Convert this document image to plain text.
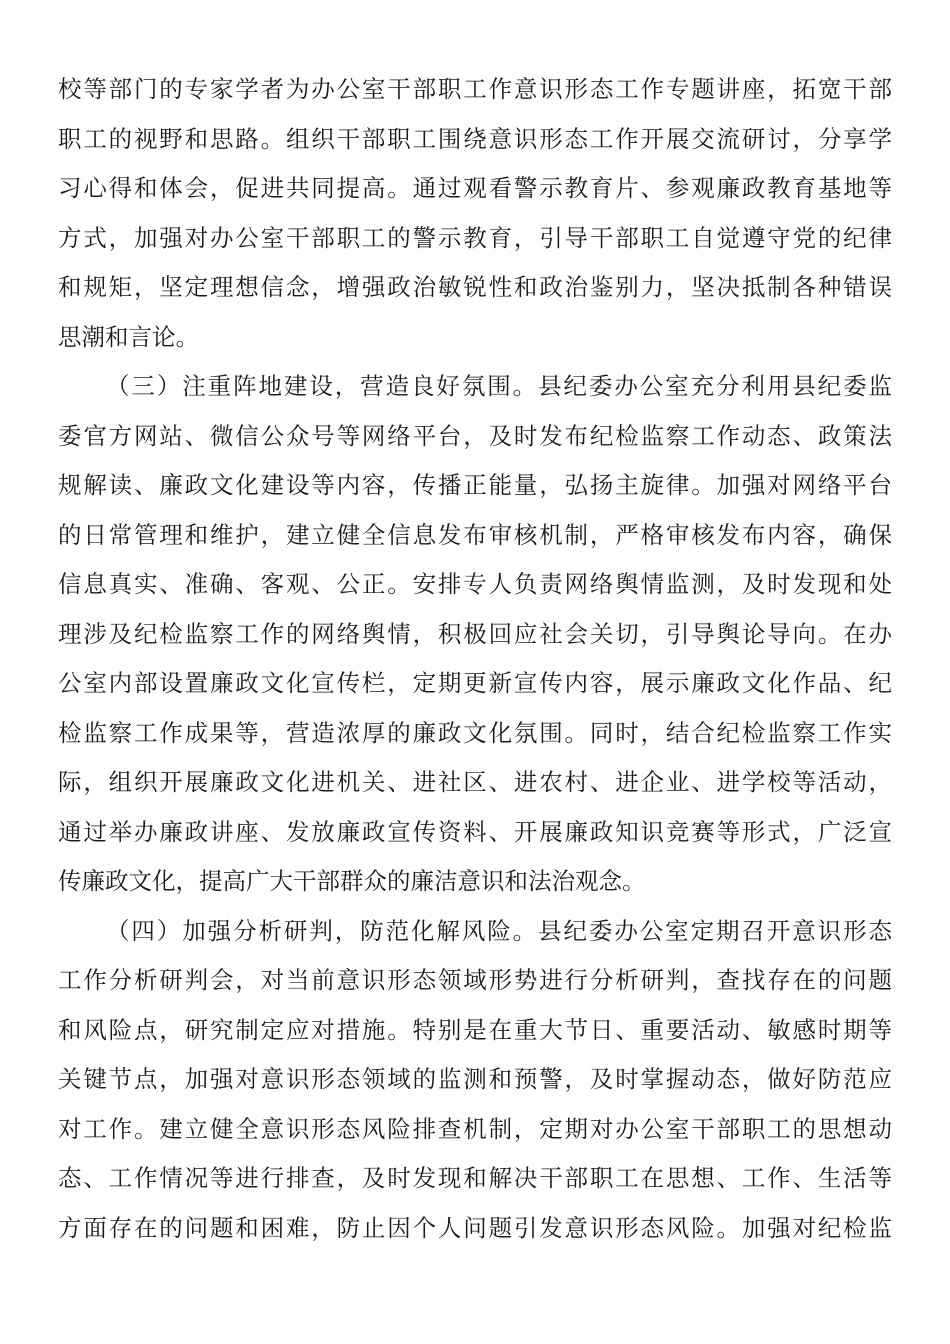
校等部门的专家学者为办公室干部职工作意识形态工作专题讲座，拓宽干部
职工的视野和思路。组织干部职工围绕意识形态工作开展交流研讨，分享学
习心得和体会，促进共同提高。通过观看警示教育片、参观廉政教育基地等
方式，加强对办公室干部职工的警示教育，引导干部职工自觉遵守党的纪律
和规矩，坚定理想信念，增强政治敏锐性和政治鉴别力，坚决抵制各种错误
思潮和言论。
（三）注重阵地建设，营造良好氛围。县纪委办公室充分利用县纪委监
委官方网站、微信公众号等网络平台，及时发布纪检监察工作动态、政策法
规解读、廉政文化建设等内容，传播正能量，弘扬主旋律。加强对网络平台
的日常管理和维护，建立健全信息发布审核机制，严格审核发布内容，确保
信息真实、准确、客观、公正。安排专人负责网络舆情监测，及时发现和处
理涉及纪检监察工作的网络舆情，积极回应社会关切，引导舆论导向。在办
公室内部设置廉政文化宣传栏，定期更新宣传内容，展示廉政文化作品、纪
检监察工作成果等，营造浓厚的廉政文化氛围。同时，结合纪检监察工作实
际，组织开展廉政文化进机关、进社区、进农村、进企业、进学校等活动，
通过举办廉政讲座、发放廉政宣传资料、开展廉政知识竞赛等形式，广泛宣
传廉政文化，提高广大干部群众的廉洁意识和法治观念。
（四）加强分析研判，防范化解风险。县纪委办公室定期召开意识形态
工作分析研判会，对当前意识形态领域形势进行分析研判，查找存在的问题
和风险点，研究制定应对措施。特别是在重大节日、重要活动、敏感时期等
关键节点，加强对意识形态领域的监测和预警，及时掌握动态，做好防范应
对工作。建立健全意识形态风险排查机制，定期对办公室干部职工的思想动
态、工作情况等进行排查，及时发现和解决干部职工在思想、工作、生活等
方面存在的问题和困难，防止因个人问题引发意识形态风险。加强对纪检监
